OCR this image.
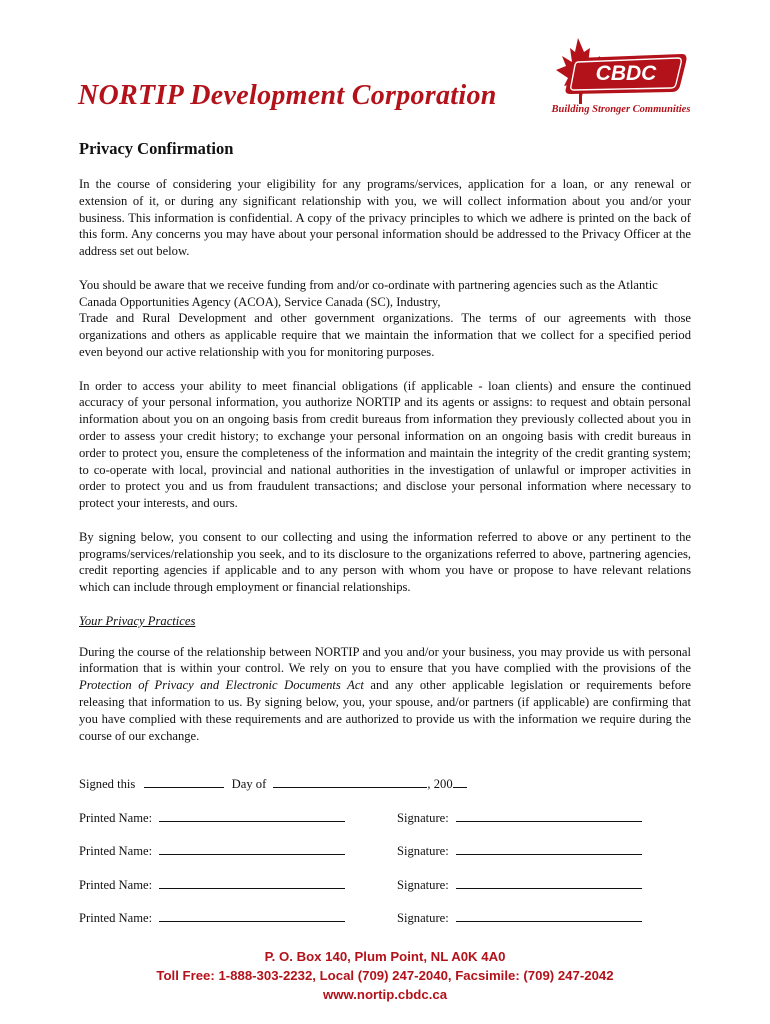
NORTIP Development Corporation
CBDC
Building Stronger Communities
Privacy Confirmation

In the course of considering your eligibility for any programs/services, application for a loan, or any renewal or extension of it, or during any significant relationship with you, we will collect information about you and/or your business. This information is confidential. A copy of the privacy principles to which we adhere is printed on the back of this form. Any concerns you may have about your personal information should be addressed to the Privacy Officer at the address set out below.

You should be aware that we receive funding from and/or co-ordinate with partnering agencies such as the Atlantic Canada Opportunities Agency (ACOA), Service Canada (SC), Industry,

Trade and Rural Development and other government organizations. The terms of our agreements with those organizations and others as applicable require that we maintain the information that we collect for a specified period even beyond our active relationship with you for monitoring purposes.

In order to access your ability to meet financial obligations (if applicable - loan clients) and ensure the continued accuracy of your personal information, you authorize NORTIP and its agents or assigns: to request and obtain personal information about you on an ongoing basis from credit bureaus from information they previously collected about you in order to assess your credit history; to exchange your personal information on an ongoing basis with credit bureaus in order to protect you, ensure the completeness of the information and maintain the integrity of the credit granting system; to co-operate with local, provincial and national authorities in the investigation of unlawful or improper activities in order to protect you and us from fraudulent transactions; and disclose your personal information where necessary to protect your interests, and ours.

By signing below, you consent to our collecting and using the information referred to above or any pertinent to the programs/services/relationship you seek, and to its disclosure to the organizations referred to above, partnering agencies, credit reporting agencies if applicable and to any person with whom you have or propose to have relevant relations which can include through employment or financial relationships.

Your Privacy Practices

During the course of the relationship between NORTIP and you and/or your business, you may provide us with personal information that is within your control. We rely on you to ensure that you have complied with the provisions of the Protection of Privacy and Electronic Documents Act and any other applicable legislation or requirements before releasing that information to us. By signing below, you, your spouse, and/or partners (if applicable) are confirming that you have complied with these requirements and are authorized to provide us with the information we require during the course of our exchange.

Signed this	Day of	, 200
Printed Name:	Signature:
Printed Name:	Signature:
Printed Name:	Signature:
Printed Name:	Signature:
P. O. Box 140, Plum Point, NL A0K 4A0
Toll Free: 1-888-303-2232, Local (709) 247-2040, Facsimile: (709) 247-2042
www.nortip.cbdc.ca
